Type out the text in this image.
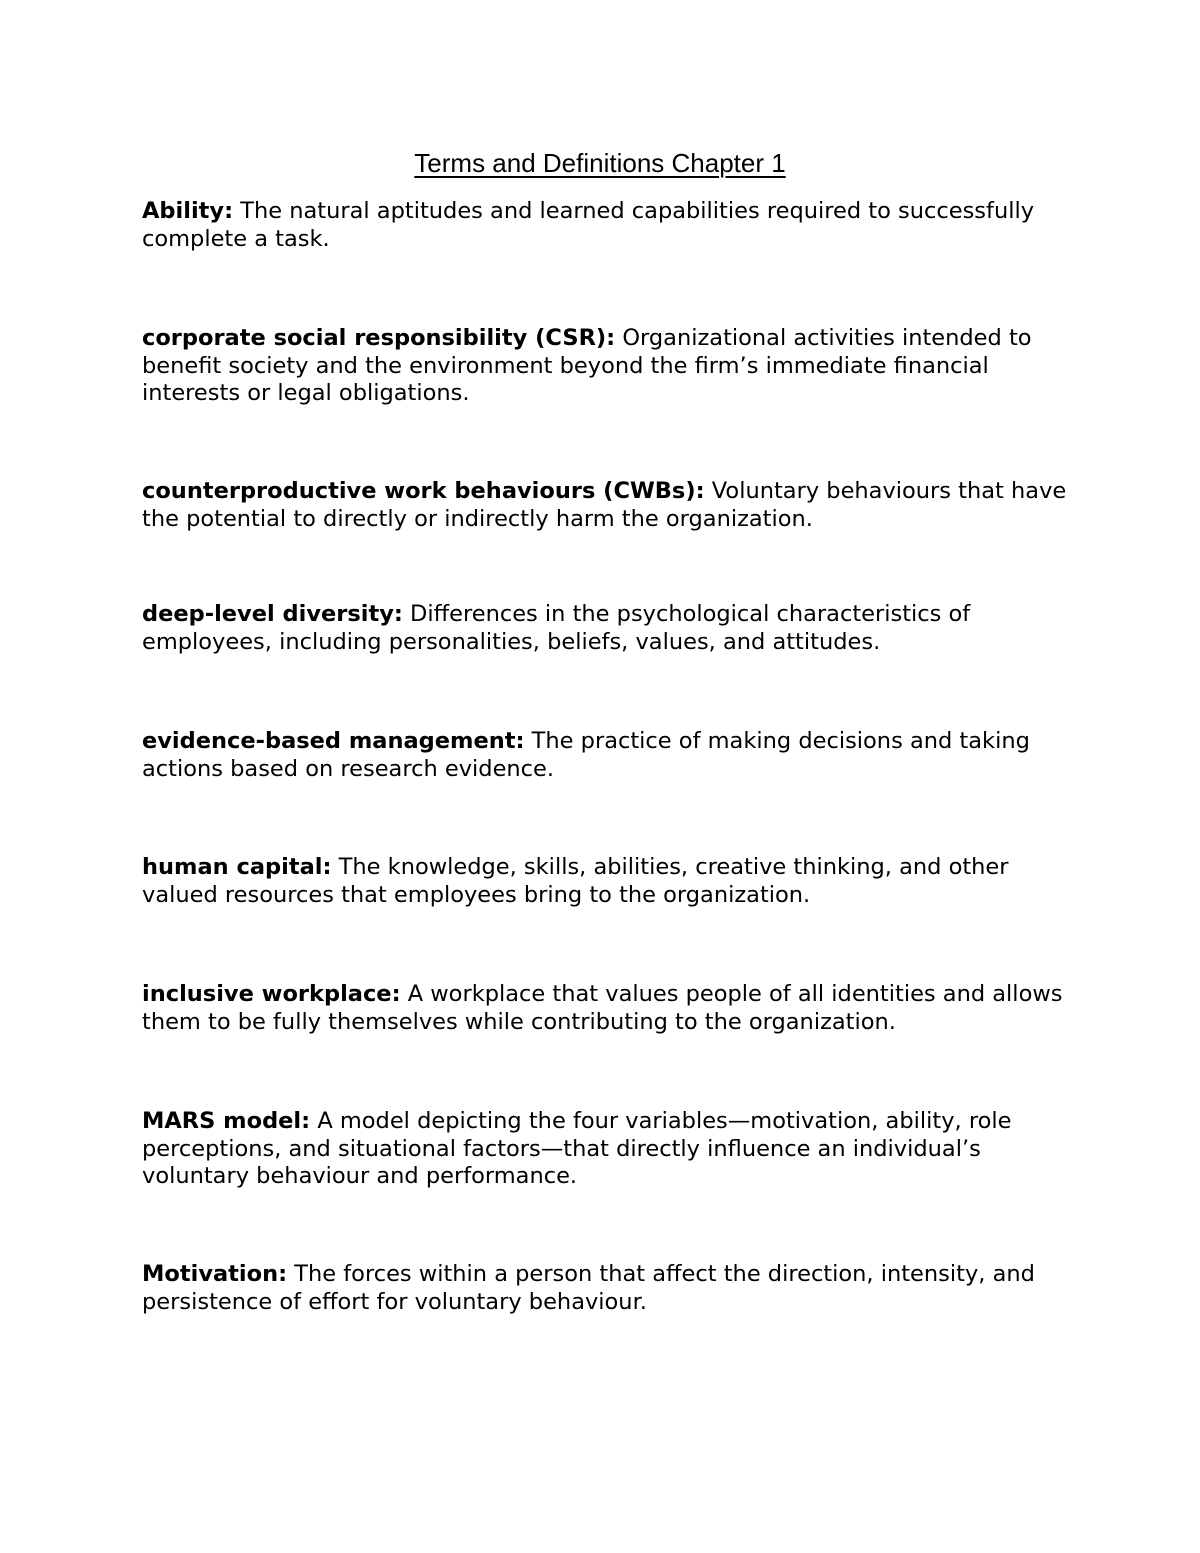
Terms and Definitions Chapter 1

Ability: The natural aptitudes and learned capabilities required to successfully complete a task.

corporate social responsibility (CSR): Organizational activities intended to benefit society and the environment beyond the firm’s immediate financial interests or legal obligations.

counterproductive work behaviours (CWBs): Voluntary behaviours that have the potential to directly or indirectly harm the organization.

deep-level diversity: Differences in the psychological characteristics of employees, including personalities, beliefs, values, and attitudes.

evidence-based management: The practice of making decisions and taking actions based on research evidence.

human capital: The knowledge, skills, abilities, creative thinking, and other valued resources that employees bring to the organization.

inclusive workplace: A workplace that values people of all identities and allows them to be fully themselves while contributing to the organization.

MARS model: A model depicting the four variables—motivation, ability, role perceptions, and situational factors—that directly influence an individual’s voluntary behaviour and performance.

Motivation: The forces within a person that affect the direction, intensity, and persistence of effort for voluntary behaviour.
